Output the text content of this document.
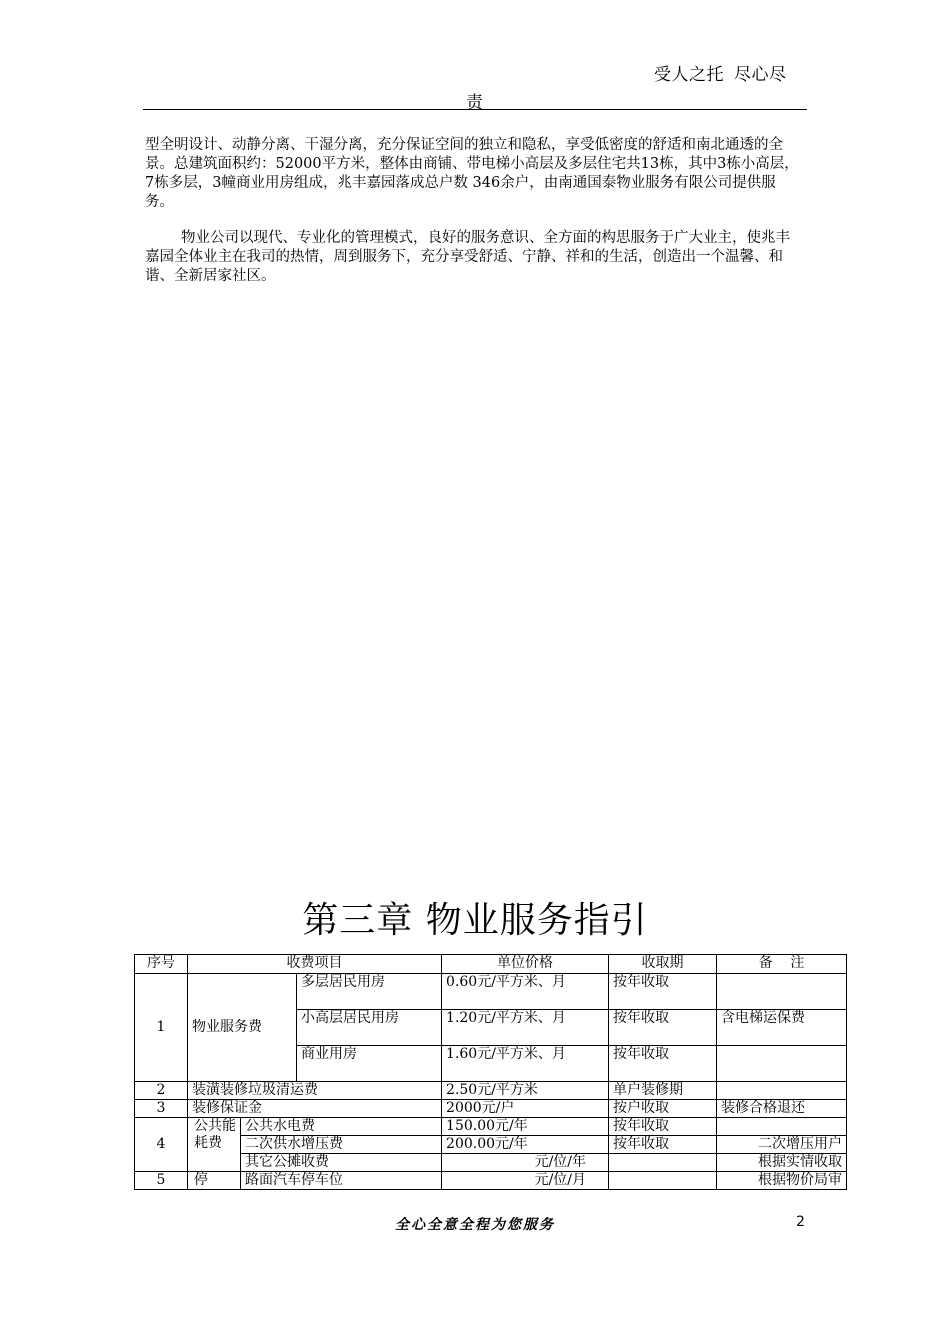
受人之托 尽心尽
责

型全明设计、动静分离、干湿分离，充分保证空间的独立和隐私，享受低密度的舒适和南北通透的全景。总建筑面积约：52000平方米，整体由商铺、带电梯小高层及多层住宅共13栋，其中3栋小高层，7栋多层，3幢商业用房组成，兆丰嘉园落成总户数 346余户，由南通国泰物业服务有限公司提供服务。

物业公司以现代、专业化的管理模式，良好的服务意识、全方面的构思服务于广大业主，使兆丰嘉园全体业主在我司的热情，周到服务下，充分享受舒适、宁静、祥和的生活，创造出一个温馨、和谐、全新居家社区。

第三章 物业服务指引
序号	收费项目			单位价格	收取期	备    注
1	物业服务费		多层居民用房	0.60元/平方米、月	按年收取	
			小高层居民用房	1.20元/平方米、月	按年收取	含电梯运保费
			商业用房	1.60元/平方米、月	按年收取	
2	装潢装修垃圾清运费			2.50元/平方米	单户装修期	
3	装修保证金			2000元/户	按户收取	装修合格退还
4	公共能耗费	公共水电费		150.00元/年	按年收取	
		二次供水增压费		200.00元/年	按年收取	二次增压用户
		其它公摊收费		元/位/年		根据实情收取
5	停	路面汽车停车位		元/位/月		根据物价局审
全心全意全程为您服务	2
